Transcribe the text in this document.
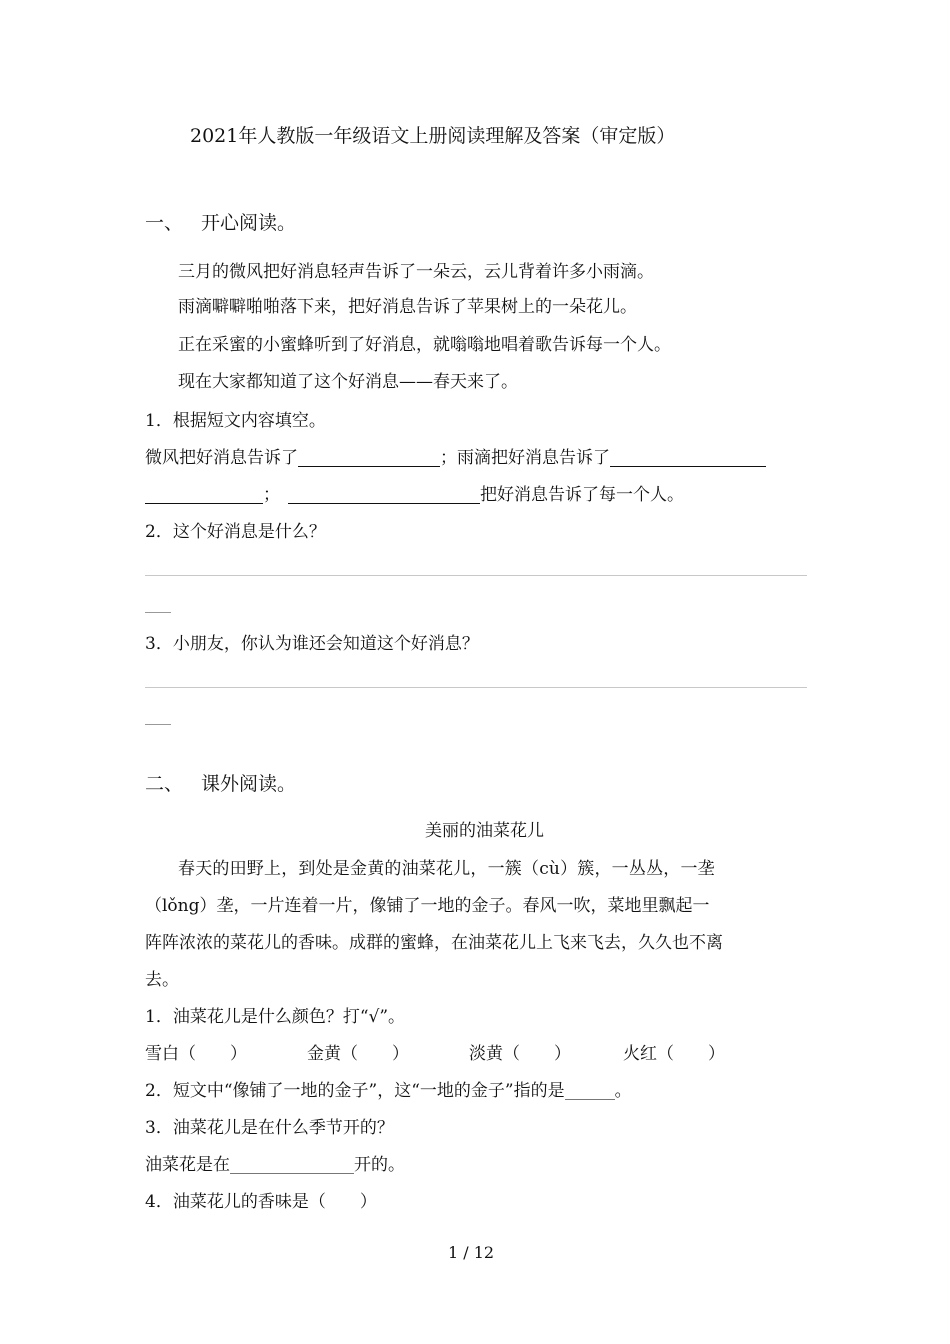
2021年人教版一年级语文上册阅读理解及答案（审定版）
一、 开心阅读。
三月的微风把好消息轻声告诉了一朵云，云儿背着许多小雨滴。
雨滴噼噼啪啪落下来，把好消息告诉了苹果树上的一朵花儿。
正在采蜜的小蜜蜂听到了好消息，就嗡嗡地唱着歌告诉每一个人。
现在大家都知道了这个好消息——春天来了。
1．根据短文内容填空。
微风把好消息告诉了	；雨滴把好消息告诉了
；	把好消息告诉了每一个人。
2．这个好消息是什么？
3．小朋友，你认为谁还会知道这个好消息？
二、 课外阅读。
美丽的油菜花儿
春天的田野上，到处是金黄的油菜花儿，一簇（cù）簇，一丛丛，一垄
（lǒng）垄，一片连着一片，像铺了一地的金子。春风一吹，菜地里飘起一
阵阵浓浓的菜花儿的香味。成群的蜜蜂，在油菜花儿上飞来飞去，久久也不离
去。
1．油菜花儿是什么颜色？打“√”。
雪白（　　）	金黄（　　）	淡黄（　　）	火红（　　）
2．短文中“像铺了一地的金子”，这“一地的金子”指的是	。
3．油菜花儿是在什么季节开的？
油菜花是在	开的。
4．油菜花儿的香味是（　　）
1 / 12
